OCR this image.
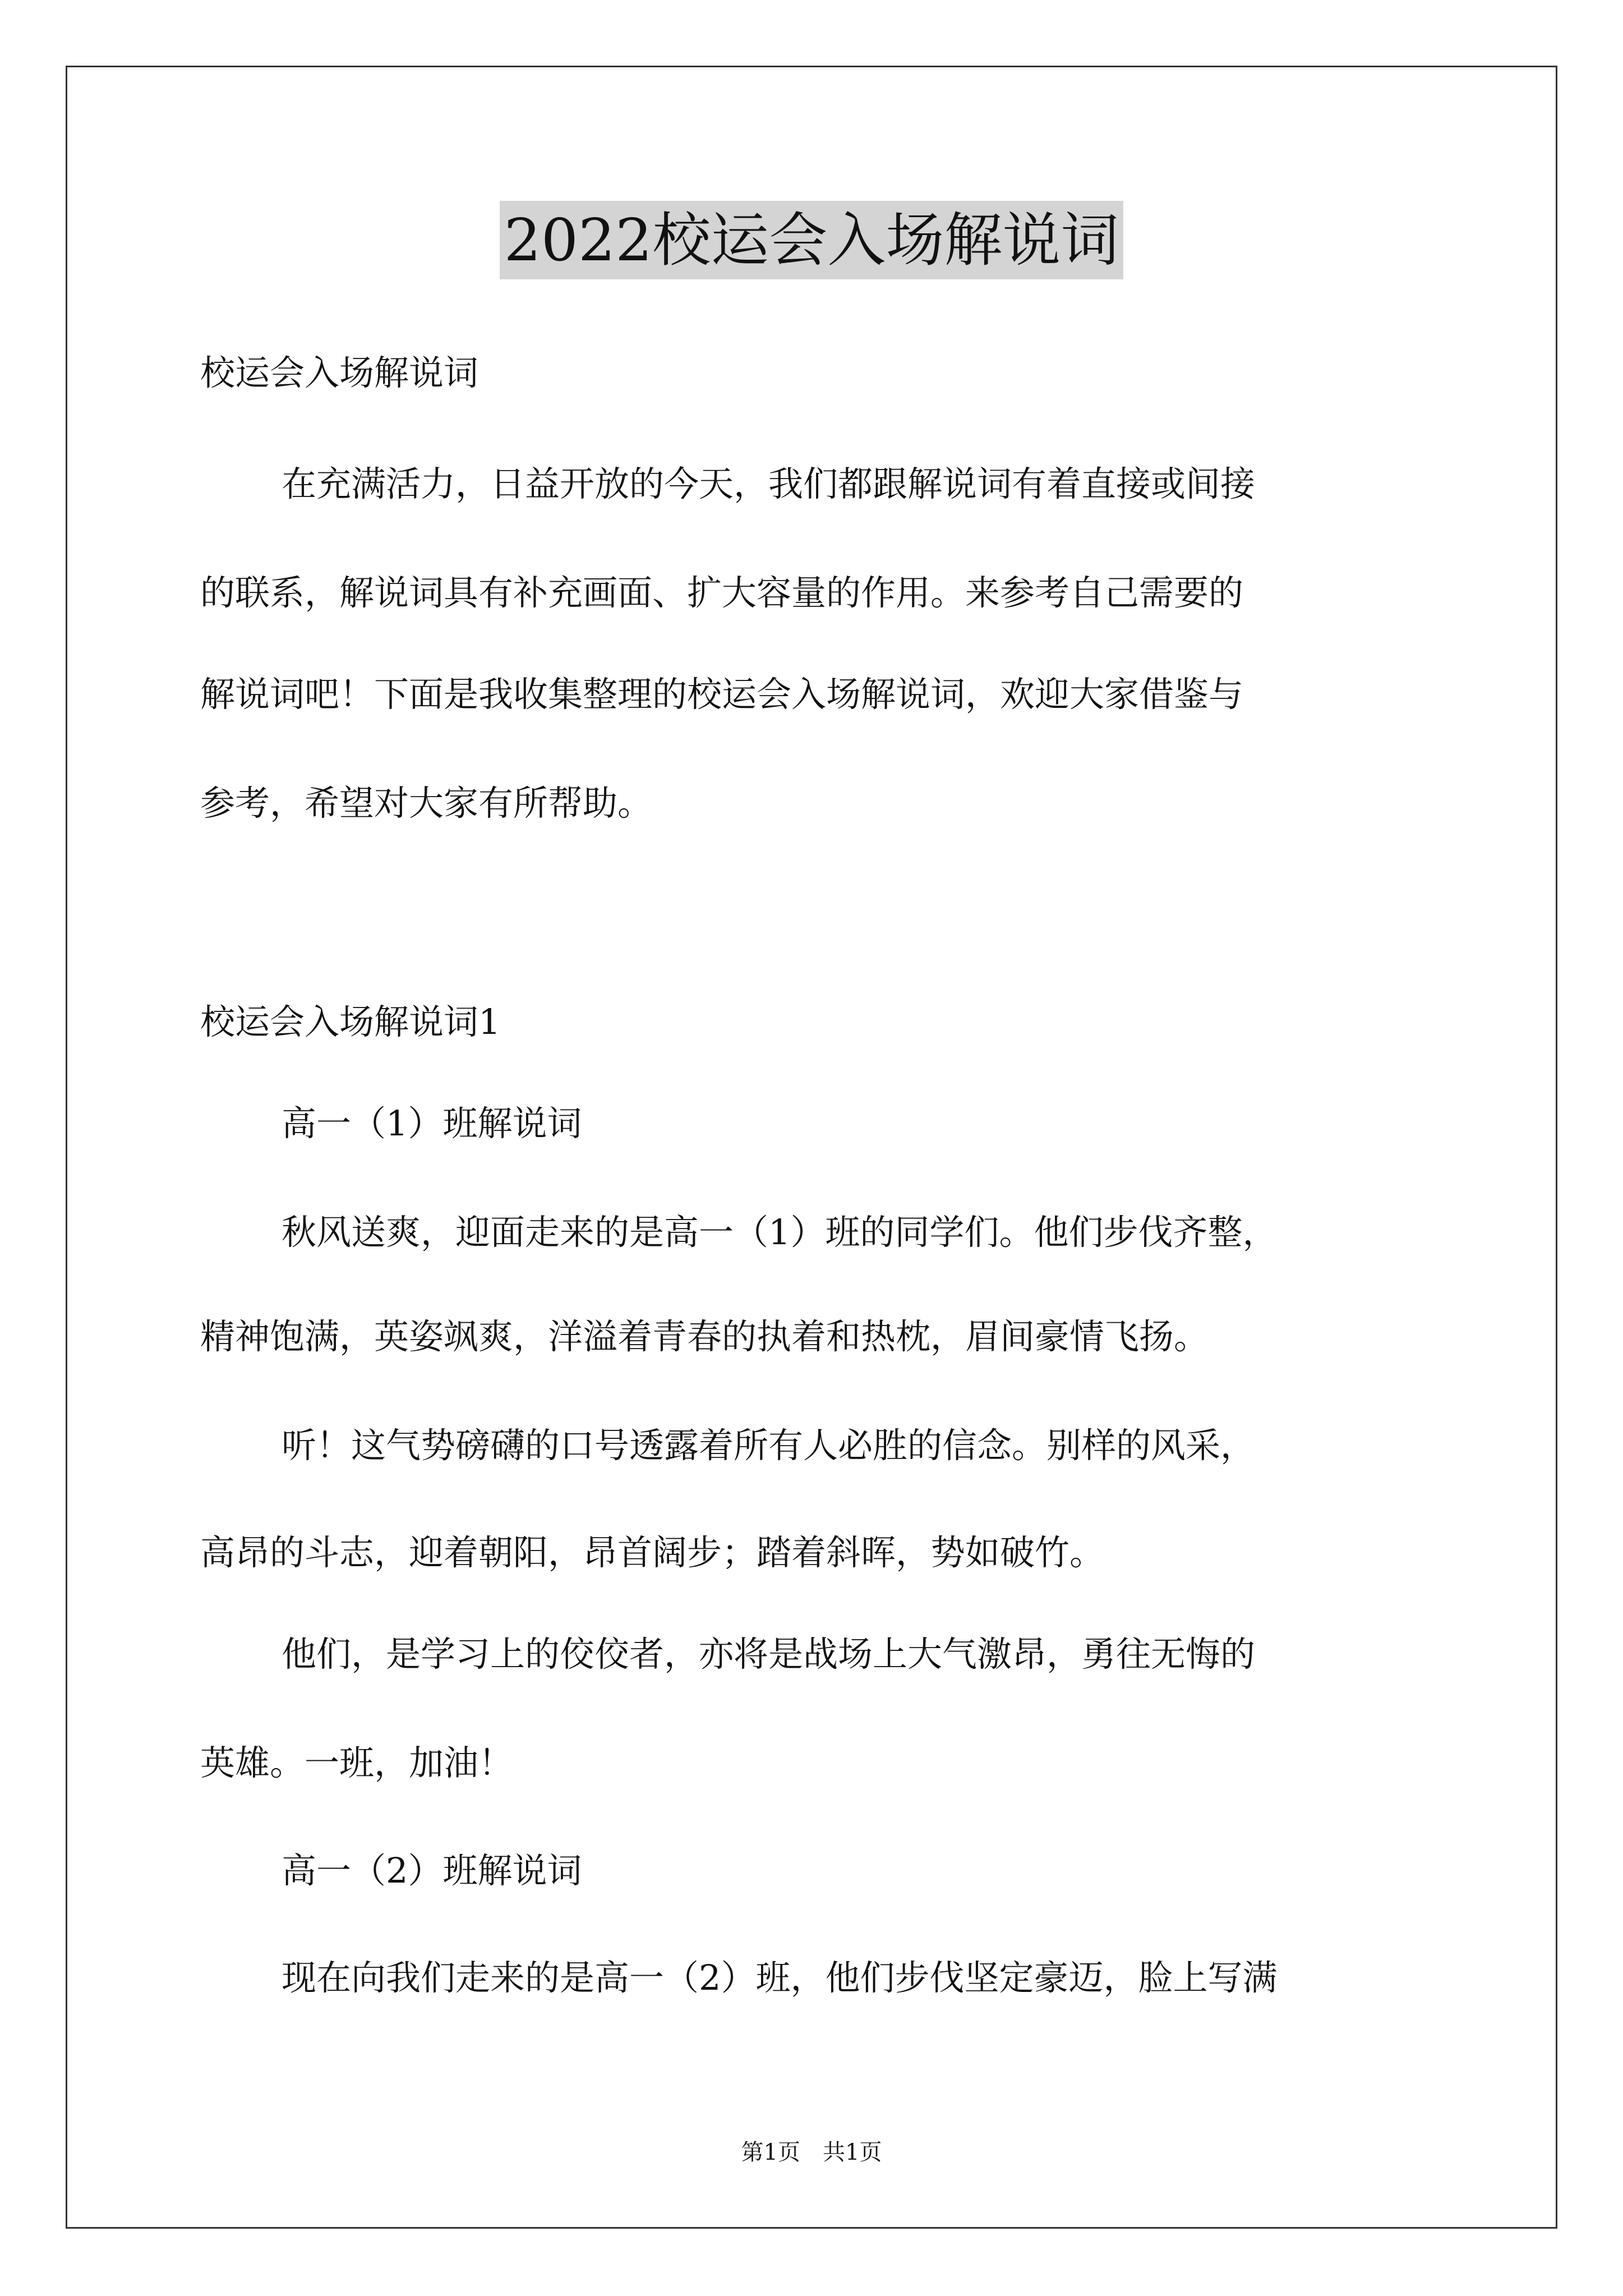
2022校运会入场解说词
校运会入场解说词
在充满活力，日益开放的今天，我们都跟解说词有着直接或间接
的联系，解说词具有补充画面、扩大容量的作用。来参考自己需要的
解说词吧！下面是我收集整理的校运会入场解说词，欢迎大家借鉴与
参考，希望对大家有所帮助。
校运会入场解说词1
高一（1）班解说词
秋风送爽，迎面走来的是高一（1）班的同学们。他们步伐齐整，
精神饱满，英姿飒爽，洋溢着青春的执着和热枕，眉间豪情飞扬。
听！这气势磅礴的口号透露着所有人必胜的信念。别样的风采，
高昂的斗志，迎着朝阳，昂首阔步；踏着斜晖，势如破竹。
他们，是学习上的佼佼者，亦将是战场上大气激昂，勇往无悔的
英雄。一班，加油！
高一（2）班解说词
现在向我们走来的是高一（2）班，他们步伐坚定豪迈，脸上写满
第1页　共1页
